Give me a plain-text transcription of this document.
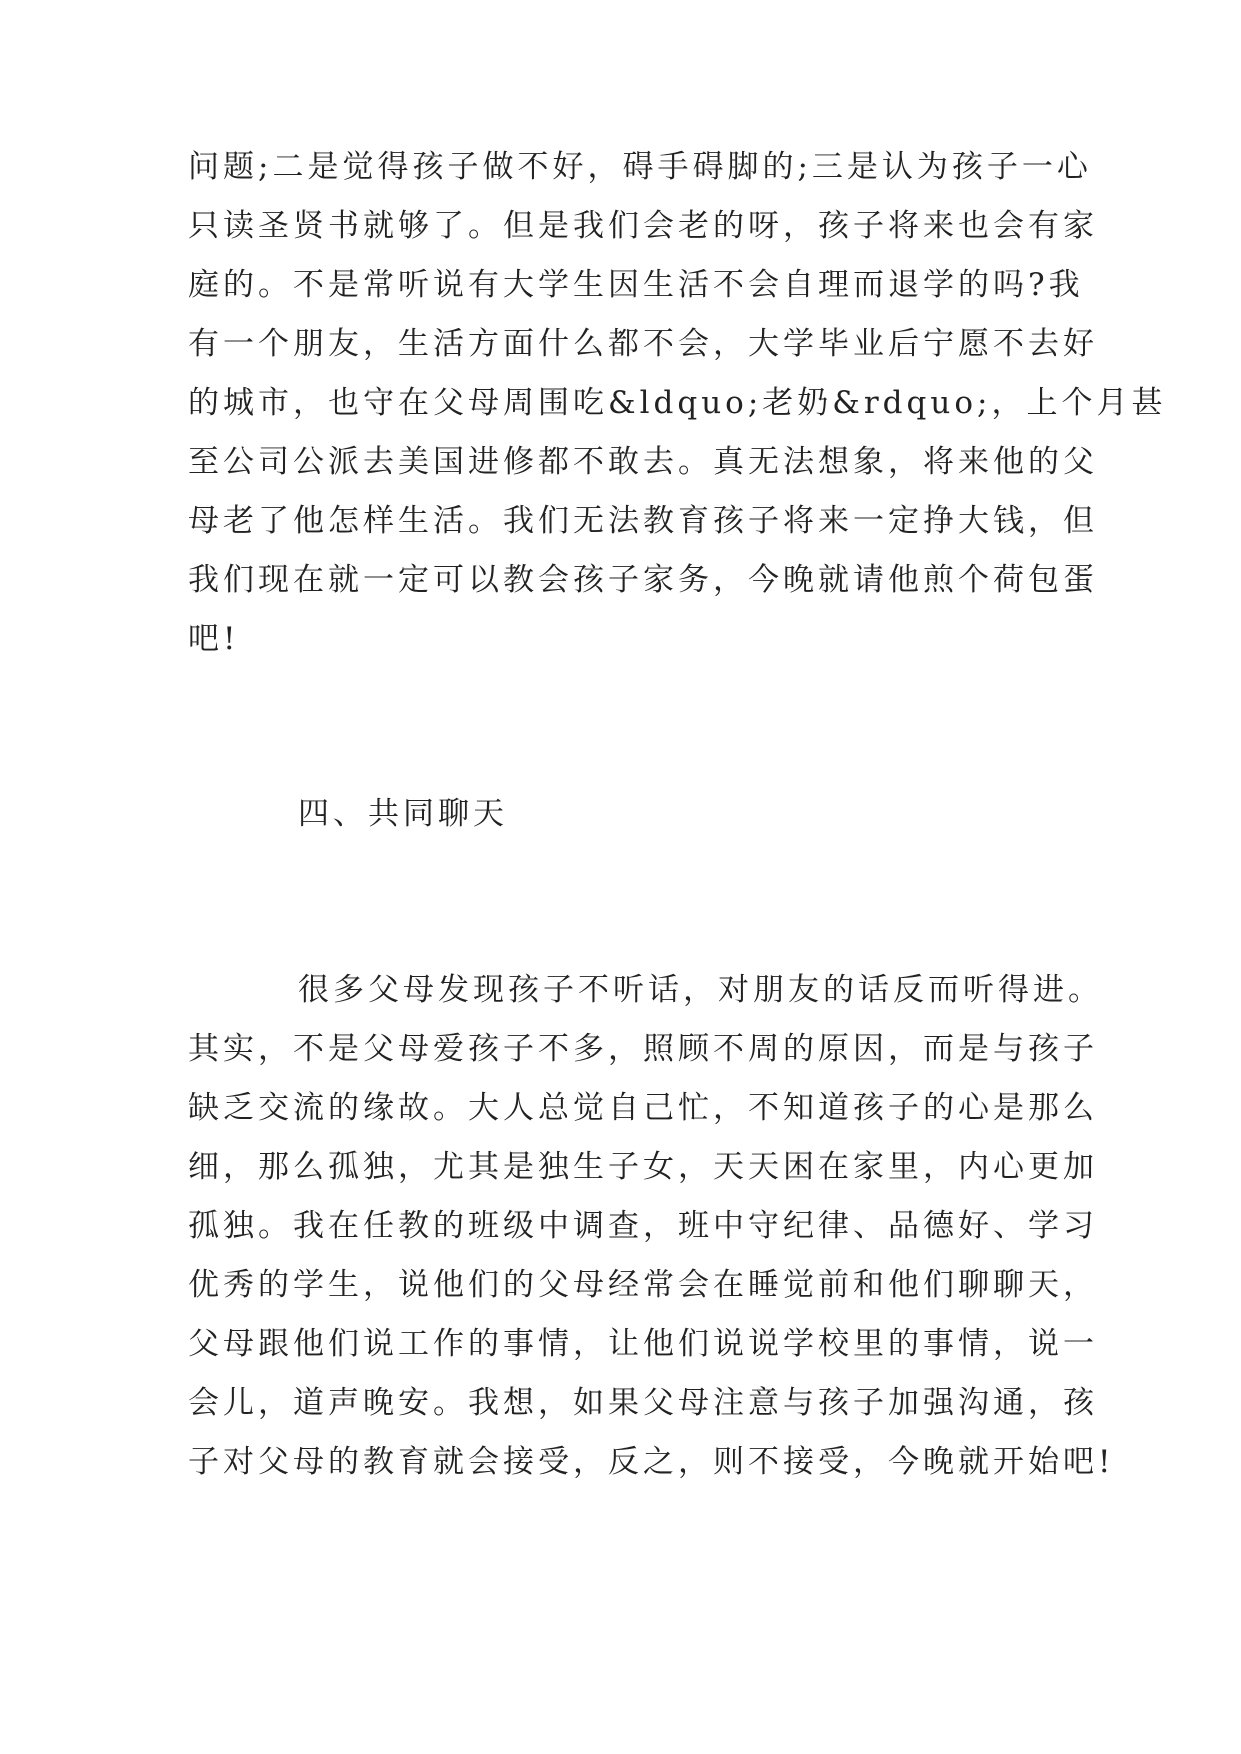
问题;二是觉得孩子做不好，碍手碍脚的;三是认为孩子一心
只读圣贤书就够了。但是我们会老的呀，孩子将来也会有家
庭的。不是常听说有大学生因生活不会自理而退学的吗?我
有一个朋友，生活方面什么都不会，大学毕业后宁愿不去好
的城市，也守在父母周围吃&ldquo;老奶&rdquo;，上个月甚
至公司公派去美国进修都不敢去。真无法想象，将来他的父
母老了他怎样生活。我们无法教育孩子将来一定挣大钱，但
我们现在就一定可以教会孩子家务，今晚就请他煎个荷包蛋
吧!
四、共同聊天
很多父母发现孩子不听话，对朋友的话反而听得进。
其实，不是父母爱孩子不多，照顾不周的原因，而是与孩子
缺乏交流的缘故。大人总觉自己忙，不知道孩子的心是那么
细，那么孤独，尤其是独生子女，天天困在家里，内心更加
孤独。我在任教的班级中调查，班中守纪律、品德好、学习
优秀的学生，说他们的父母经常会在睡觉前和他们聊聊天，
父母跟他们说工作的事情，让他们说说学校里的事情，说一
会儿，道声晚安。我想，如果父母注意与孩子加强沟通，孩
子对父母的教育就会接受，反之，则不接受，今晚就开始吧!
